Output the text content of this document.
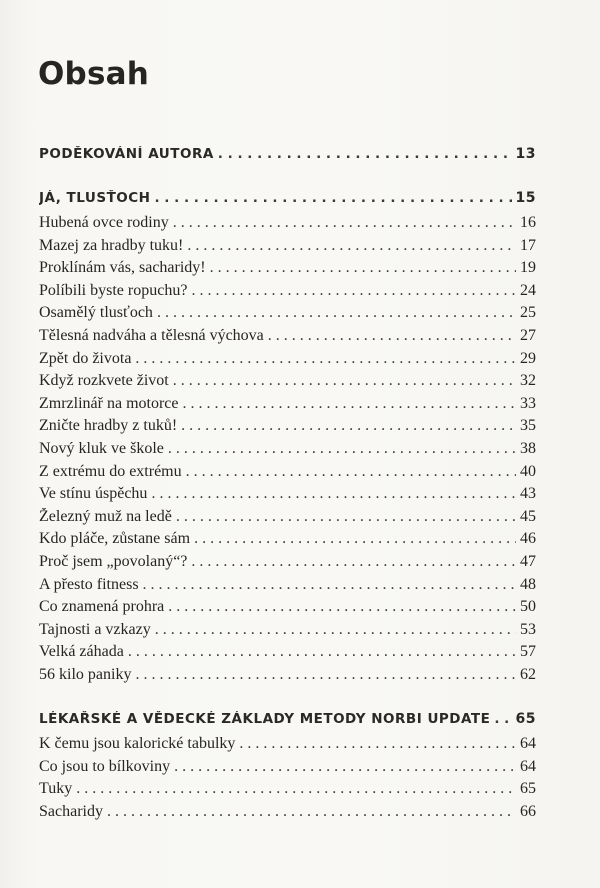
Obsah
PODĚKOVÁNÍ AUTORA . . .	13
JÁ, TLUSŤOCH . . .	15
Hubená ovce rodiny . . .	16
Mazej za hradby tuku! . . .	17
Proklínám vás, sacharidy! . . .	19
Políbili byste ropuchu? . . .	24
Osamělý tlusťoch . . .	25
Tělesná nadváha a tělesná výchova . . .	27
Zpět do života . . .	29
Když rozkvete život . . .	32
Zmrzlinář na motorce . . .	33
Zničte hradby z tuků! . . .	35
Nový kluk ve škole . . .	38
Z extrému do extrému . . .	40
Ve stínu úspěchu . . .	43
Železný muž na ledě . . .	45
Kdo pláče, zůstane sám . . .	46
Proč jsem „povolaný“? . . .	47
A přesto fitness . . .	48
Co znamená prohra . . .	50
Tajnosti a vzkazy . . .	53
Velká záhada . . .	57
56 kilo paniky . . .	62
LÉKAŘSKÉ A VĚDECKÉ ZÁKLADY METODY NORBI UPDATE . . . 65
K čemu jsou kalorické tabulky . . .	64
Co jsou to bílkoviny . . .	64
Tuky . . .	65
Sacharidy . . .	66
